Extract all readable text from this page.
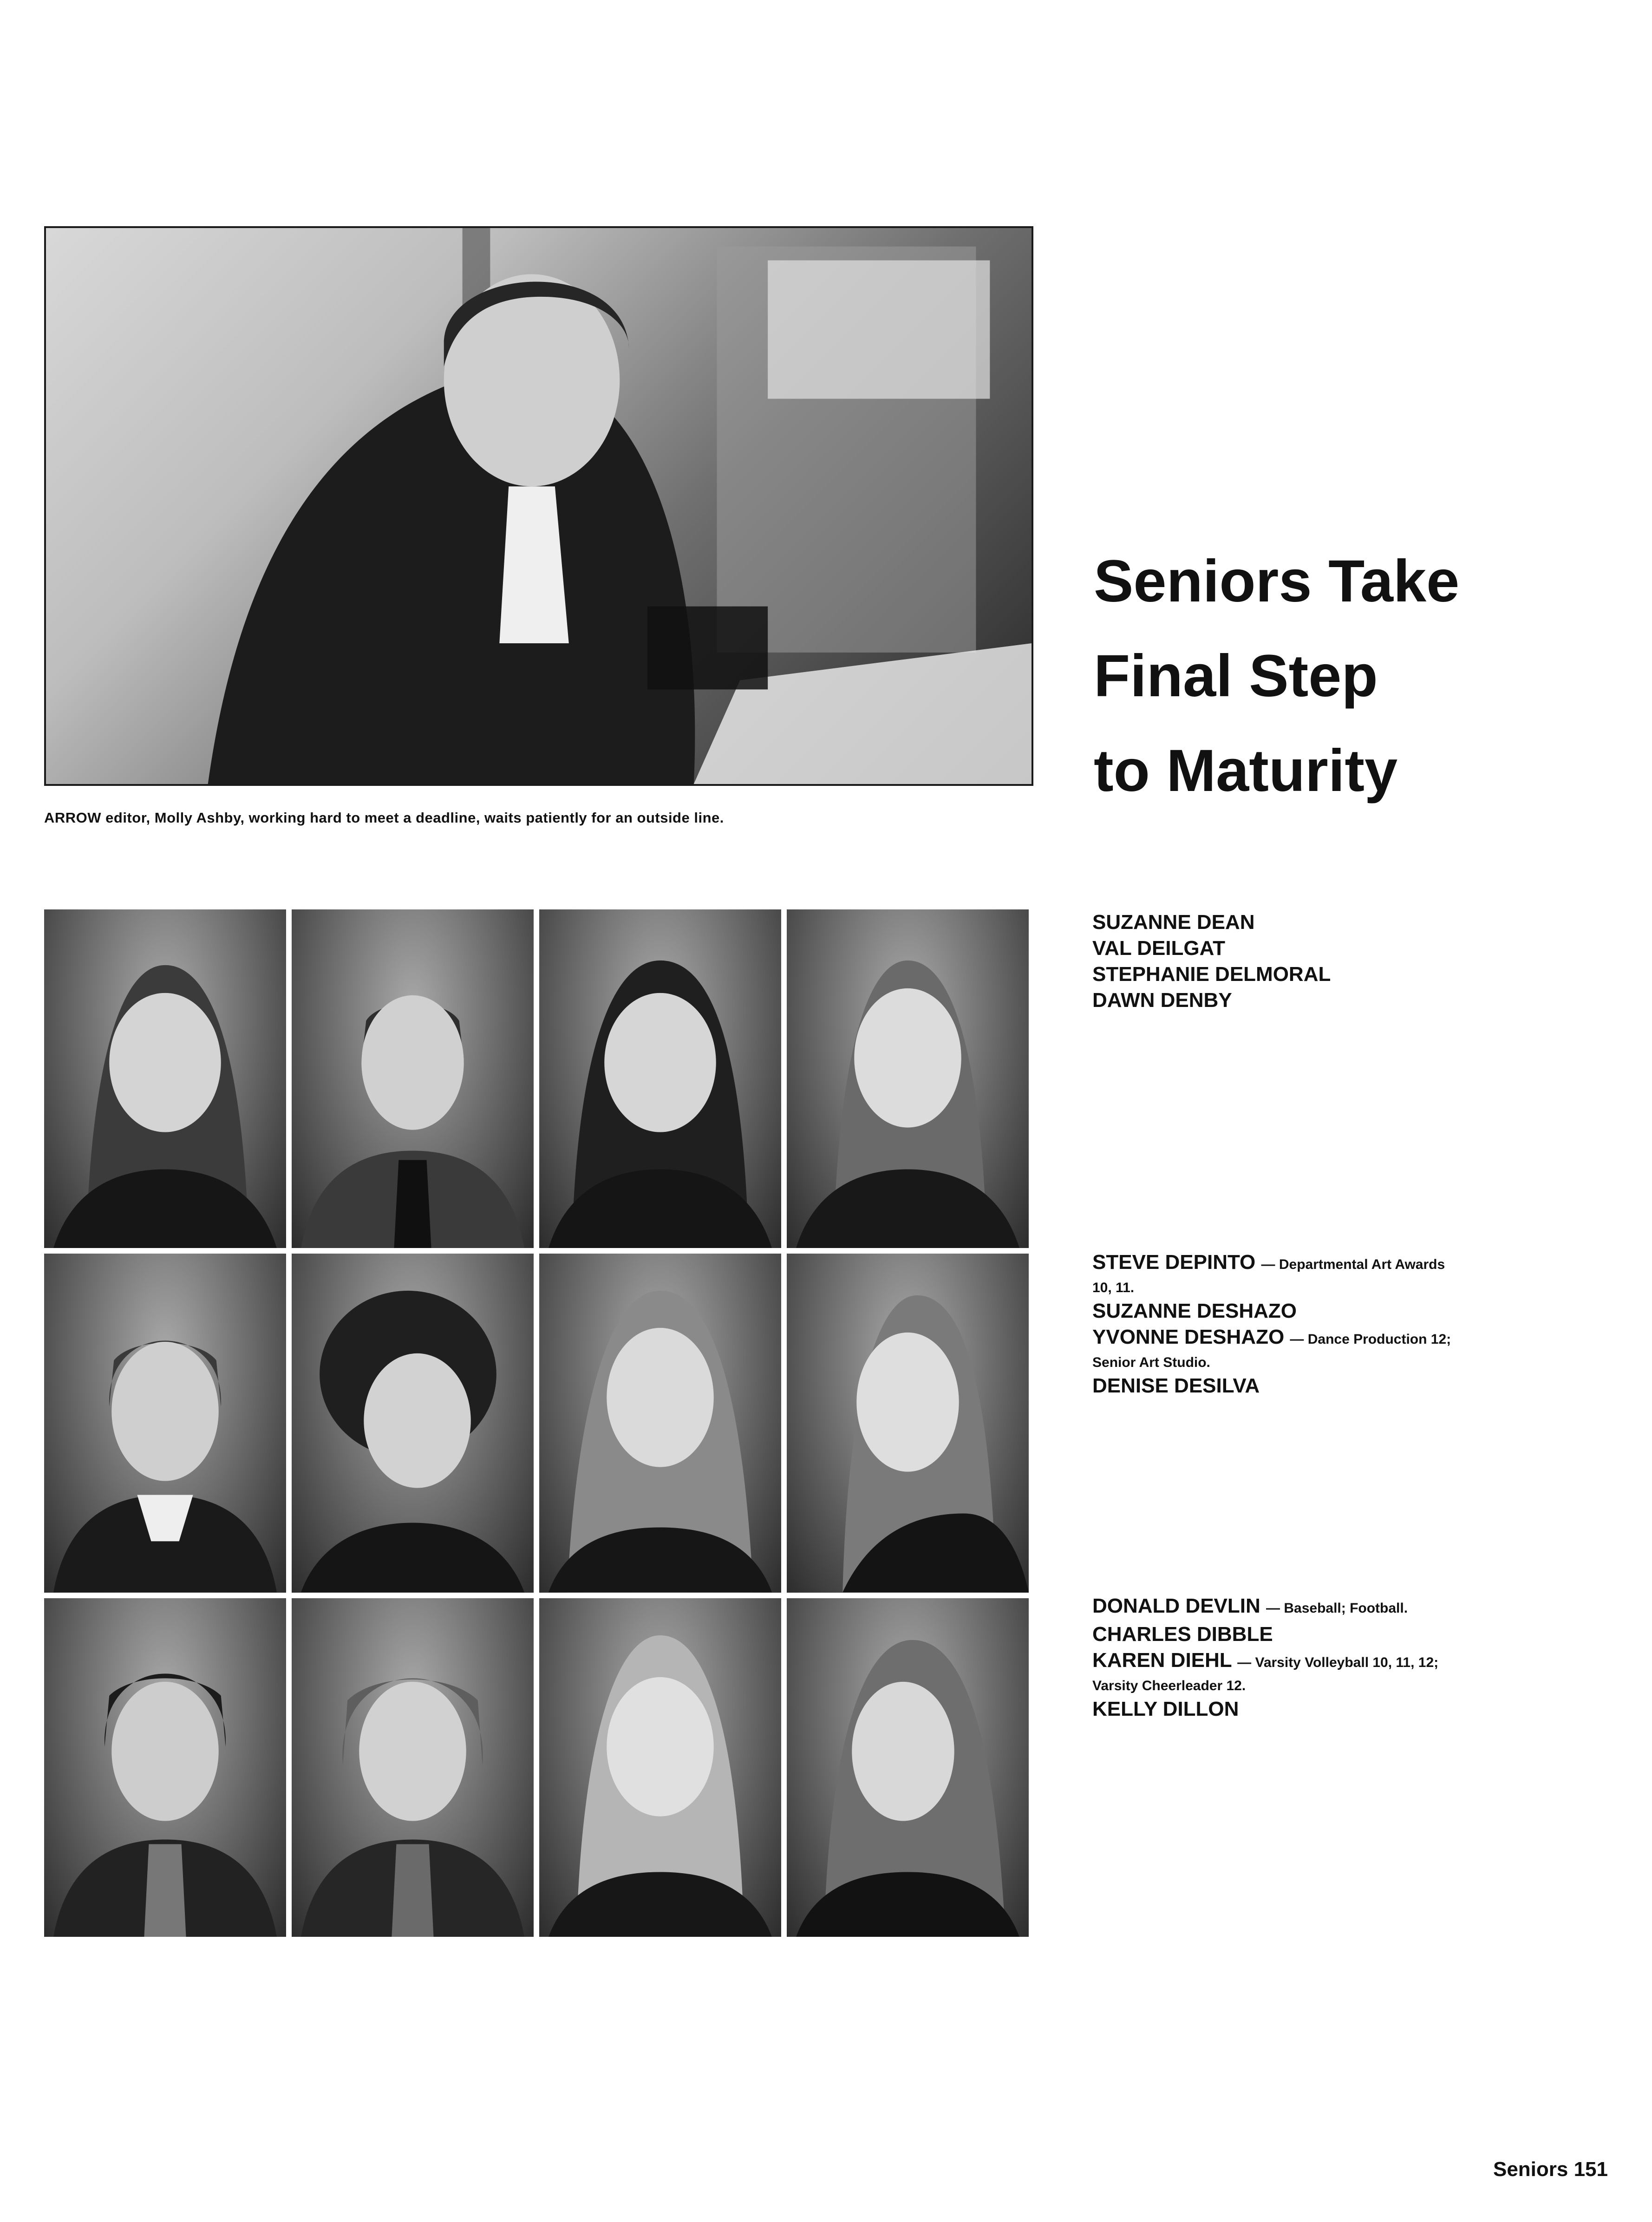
ARROW editor, Molly Ashby, working hard to meet a deadline, waits patiently for an outside line.
Seniors Take
Final Step
to Maturity
SUZANNE DEAN
VAL DEILGAT
STEPHANIE DELMORAL
DAWN DENBY
STEVE DEPINTO — Departmental Art Awards
10, 11.
SUZANNE DESHAZO
YVONNE DESHAZO — Dance Production 12;
Senior Art Studio.
DENISE DESILVA
DONALD DEVLIN — Baseball; Football.
CHARLES DIBBLE
KAREN DIEHL — Varsity Volleyball 10, 11, 12;
Varsity Cheerleader 12.
KELLY DILLON
Seniors 151
